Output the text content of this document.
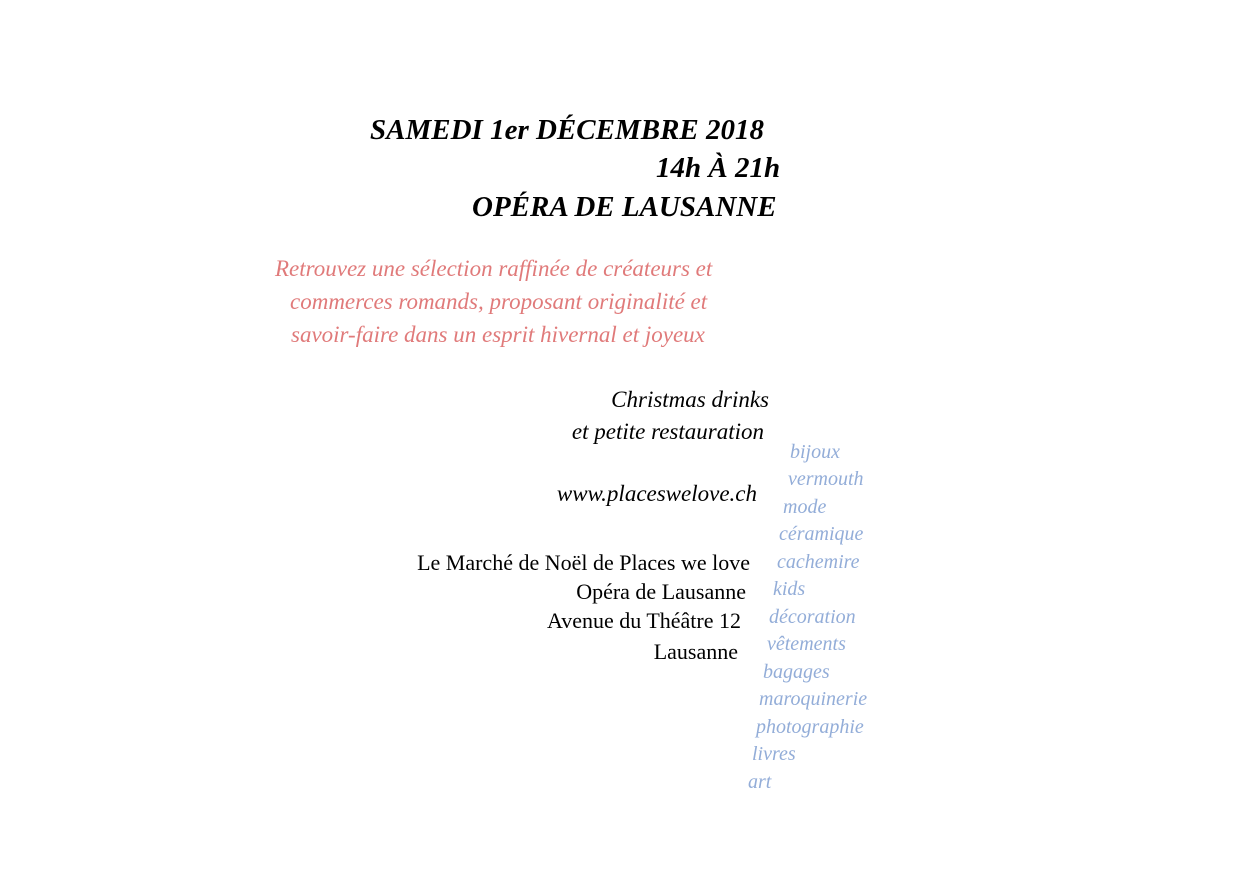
SAMEDI 1er DÉCEMBRE 2018
14h À 21h
OPÉRA DE LAUSANNE
Retrouvez une sélection raffinée de créateurs et
commerces romands, proposant originalité et
savoir-faire dans un esprit hivernal et joyeux
Christmas drinks
et petite restauration
www.placeswelove.ch
Le Marché de Noël de Places we love
Opéra de Lausanne
Avenue du Théâtre 12
Lausanne
bijoux
vermouth
mode
céramique
cachemire
kids
décoration
vêtements
bagages
maroquinerie
photographie
livres
art
